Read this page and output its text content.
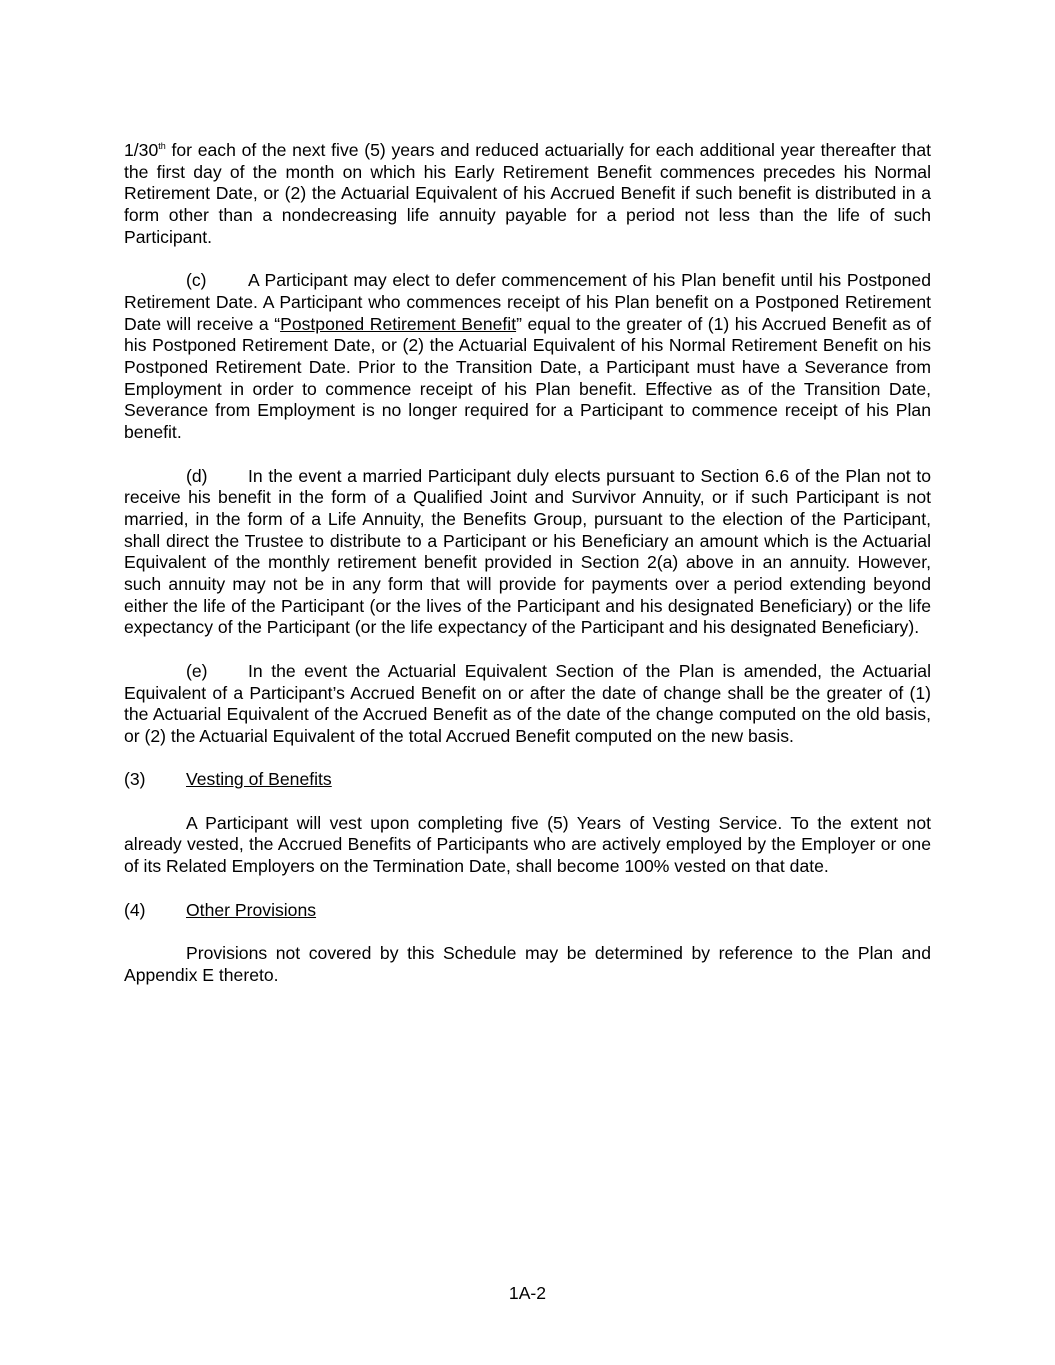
1/30th for each of the next five (5) years and reduced actuarially for each additional year thereafter that the first day of the month on which his Early Retirement Benefit commences precedes his Normal Retirement Date, or (2) the Actuarial Equivalent of his Accrued Benefit if such benefit is distributed in a form other than a nondecreasing life annuity payable for a period not less than the life of such Participant.

(c) A Participant may elect to defer commencement of his Plan benefit until his Postponed Retirement Date. A Participant who commences receipt of his Plan benefit on a Postponed Retirement Date will receive a “Postponed Retirement Benefit” equal to the greater of (1) his Accrued Benefit as of his Postponed Retirement Date, or (2) the Actuarial Equivalent of his Normal Retirement Benefit on his Postponed Retirement Date. Prior to the Transition Date, a Participant must have a Severance from Employment in order to commence receipt of his Plan benefit. Effective as of the Transition Date, Severance from Employment is no longer required for a Participant to commence receipt of his Plan benefit.

(d) In the event a married Participant duly elects pursuant to Section 6.6 of the Plan not to receive his benefit in the form of a Qualified Joint and Survivor Annuity, or if such Participant is not married, in the form of a Life Annuity, the Benefits Group, pursuant to the election of the Participant, shall direct the Trustee to distribute to a Participant or his Beneficiary an amount which is the Actuarial Equivalent of the monthly retirement benefit provided in Section 2(a) above in an annuity. However, such annuity may not be in any form that will provide for payments over a period extending beyond either the life of the Participant (or the lives of the Participant and his designated Beneficiary) or the life expectancy of the Participant (or the life expectancy of the Participant and his designated Beneficiary).

(e) In the event the Actuarial Equivalent Section of the Plan is amended, the Actuarial Equivalent of a Participant’s Accrued Benefit on or after the date of change shall be the greater of (1) the Actuarial Equivalent of the Accrued Benefit as of the date of the change computed on the old basis, or (2) the Actuarial Equivalent of the total Accrued Benefit computed on the new basis.

(3) Vesting of Benefits

A Participant will vest upon completing five (5) Years of Vesting Service. To the extent not already vested, the Accrued Benefits of Participants who are actively employed by the Employer or one of its Related Employers on the Termination Date, shall become 100% vested on that date.

(4) Other Provisions

Provisions not covered by this Schedule may be determined by reference to the Plan and Appendix E thereto.

1A-2
